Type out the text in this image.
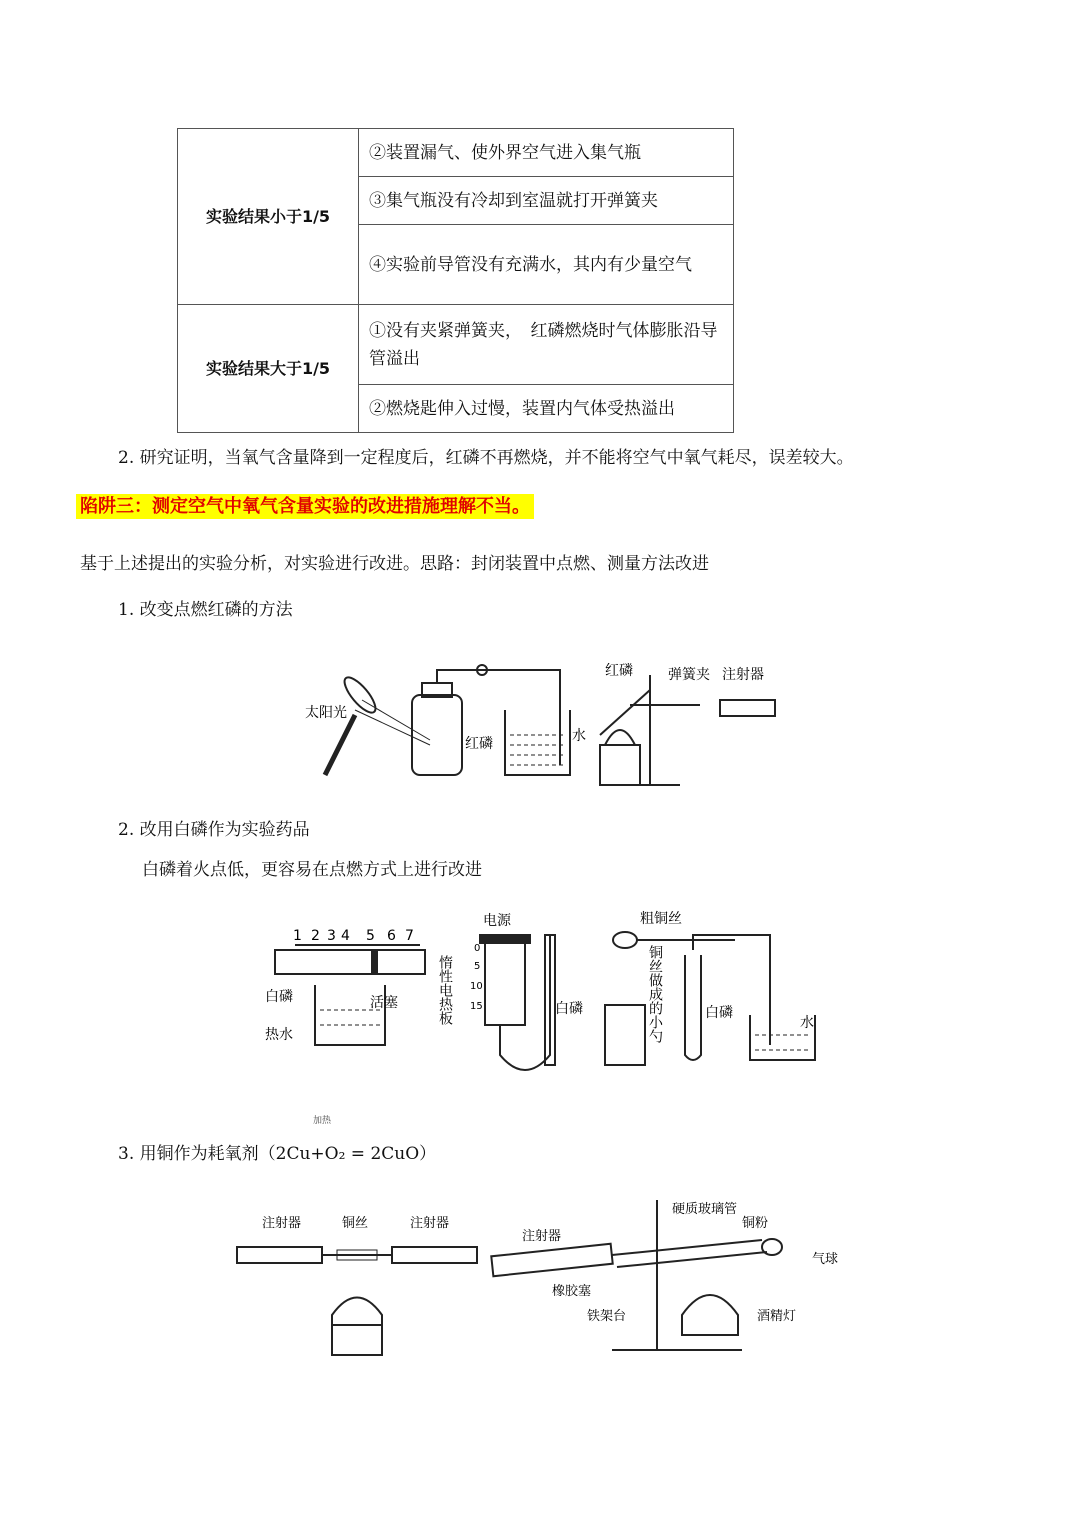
实验结果小于1/5	②装置漏气、使外界空气进入集气瓶
	③集气瓶没有冷却到室温就打开弹簧夹
	④实验前导管没有充满水，其内有少量空气
实验结果大于1/5	①没有夹紧弹簧夹，　红磷燃烧时气体膨胀沿导管溢出
	②燃烧匙伸入过慢，装置内气体受热溢出
2. 研究证明，当氧气含量降到一定程度后，红磷不再燃烧，并不能将空气中氧气耗尽，误差较大。
陷阱三：测定空气中氧气含量实验的改进措施理解不当。
基于上述提出的实验分析，对实验进行改进。思路：封闭装置中点燃、测量方法改进
1. 改变点燃红磷的方法
太阳光
红磷	水
红磷	弹簧夹 注射器
2. 改用白磷作为实验药品
白磷着火点低，更容易在点燃方式上进行改进
1 2 3 4 5 6 7
白磷
热水
活塞
电源
0
5
10
15
惰性电热板	白磷
粗铜丝
铜丝做成的小勺	白磷
水
加热
3. 用铜作为耗氧剂（2Cu+O₂ = 2CuO）
注射器	铜丝	注射器
注射器
硬质玻璃管
铜粉
气球
橡胶塞
铁架台	酒精灯
